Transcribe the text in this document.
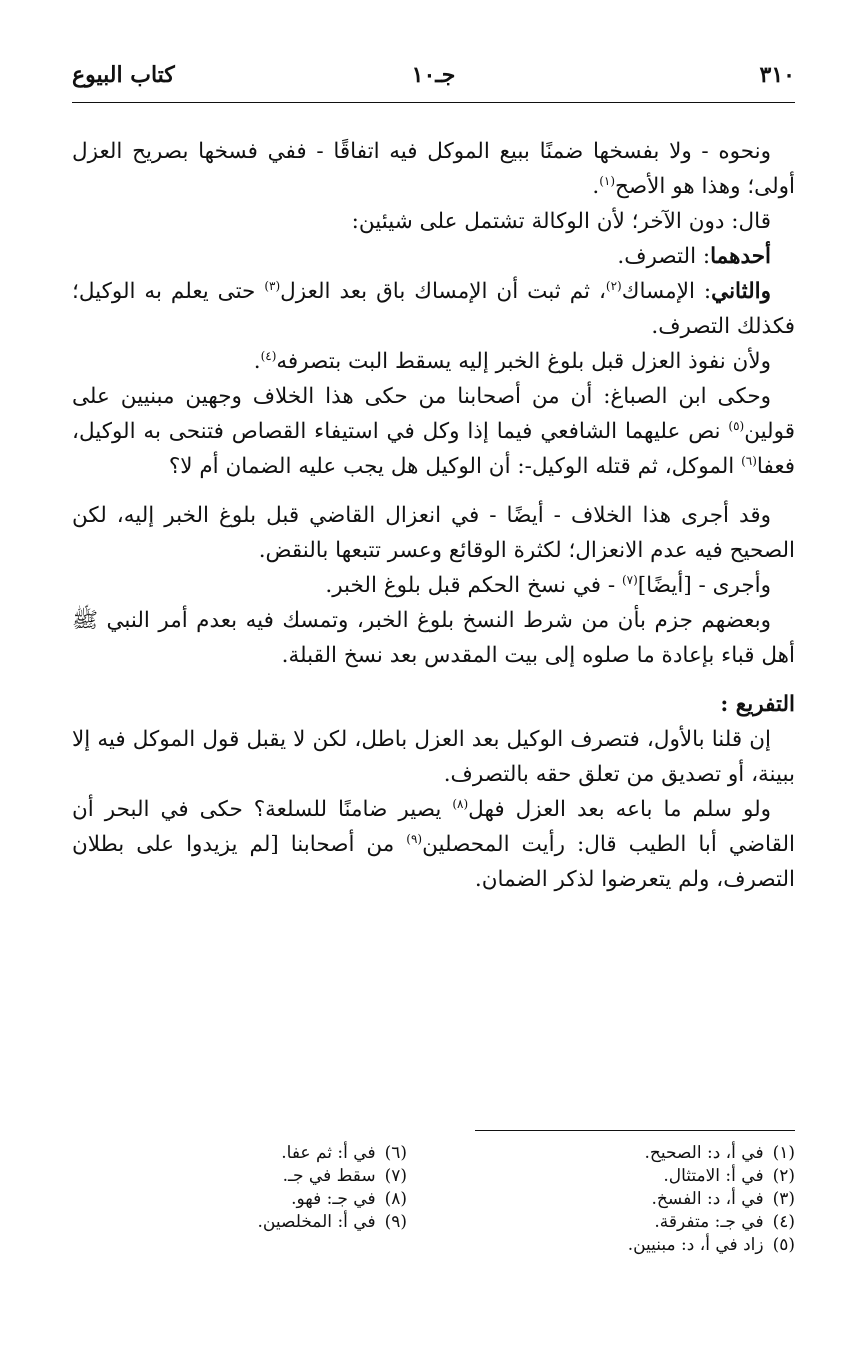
٣١٠
جـ١٠
كتاب البيوع

ونحوه - ولا بفسخها ضمنًا ببيع الموكل فيه اتفاقًا - ففي فسخها بصريح العزل أولى؛ وهذا هو الأصح$^{(١)}$.

قال: دون الآخر؛ لأن الوكالة تشتمل على شيئين:

أحدهما: التصرف.

والثاني: الإمساك$^{(٢)}$، ثم ثبت أن الإمساك باق بعد العزل$^{(٣)}$ حتى يعلم به الوكيل؛ فكذلك التصرف.

ولأن نفوذ العزل قبل بلوغ الخبر إليه يسقط البت بتصرفه$^{(٤)}$.

وحكى ابن الصباغ: أن من أصحابنا من حكى هذا الخلاف وجهين مبنيين على قولين$^{(٥)}$ نص عليهما الشافعي فيما إذا وكل في استيفاء القصاص فتنحى به الوكيل، فعفا$^{(٦)}$ الموكل، ثم قتله الوكيل-: أن الوكيل هل يجب عليه الضمان أم لا؟

وقد أجرى هذا الخلاف - أيضًا - في انعزال القاضي قبل بلوغ الخبر إليه، لكن الصحيح فيه عدم الانعزال؛ لكثرة الوقائع وعسر تتبعها بالنقض.

وأجرى - [أيضًا]$^{(٧)}$ - في نسخ الحكم قبل بلوغ الخبر.

وبعضهم جزم بأن من شرط النسخ بلوغ الخبر، وتمسك فيه بعدم أمر النبي ﷺ أهل قباء بإعادة ما صلوه إلى بيت المقدس بعد نسخ القبلة.

التفريع :

إن قلنا بالأول، فتصرف الوكيل بعد العزل باطل، لكن لا يقبل قول الموكل فيه إلا ببينة، أو تصديق من تعلق حقه بالتصرف.

ولو سلم ما باعه بعد العزل فهل$^{(٨)}$ يصير ضامنًا للسلعة؟ حكى في البحر أن القاضي أبا الطيب قال: رأيت المحصلين$^{(٩)}$ من أصحابنا [لم يزيدوا على بطلان التصرف، ولم يتعرضوا لذكر الضمان.

(١) في أ، د: الصحيح.
(٢) في أ: الامتثال.
(٣) في أ، د: الفسخ.
(٤) في جـ: متفرقة.
(٥) زاد في أ، د: مبنيين.
(٦) في أ: ثم عفا.
(٧) سقط في جـ.
(٨) في جـ: فهو.
(٩) في أ: المخلصين.
